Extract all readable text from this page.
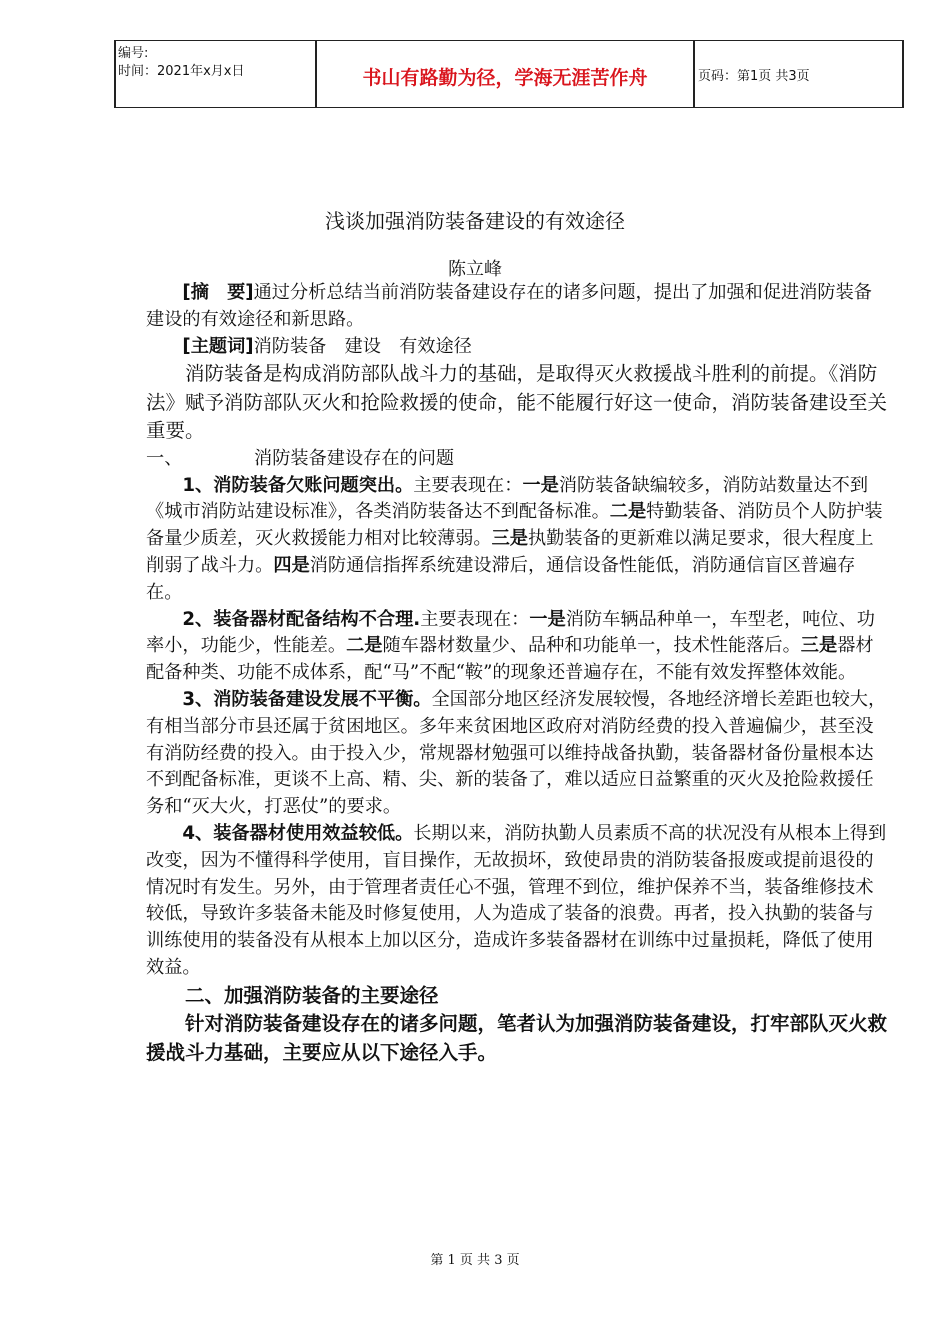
编号:
时间：2021年x月x日	书山有路勤为径，学海无涯苦作舟	页码：第1页 共3页
浅谈加强消防装备建设的有效途径
陈立峰

[摘　要]通过分析总结当前消防装备建设存在的诸多问题，提出了加强和促进消防装备建设的有效途径和新思路。

[主题词]消防装备　建设　有效途径

消防装备是构成消防部队战斗力的基础，是取得灭火救援战斗胜利的前提。《消防法》赋予消防部队灭火和抢险救援的使命，能不能履行好这一使命，消防装备建设至关重要。

一、	消防装备建设存在的问题

1、消防装备欠账问题突出。主要表现在：一是消防装备缺编较多，消防站数量达不到《城市消防站建设标准》，各类消防装备达不到配备标准。二是特勤装备、消防员个人防护装备量少质差，灭火救援能力相对比较薄弱。三是执勤装备的更新难以满足要求，很大程度上削弱了战斗力。四是消防通信指挥系统建设滞后，通信设备性能低，消防通信盲区普遍存在。

2、装备器材配备结构不合理.主要表现在：一是消防车辆品种单一，车型老，吨位、功率小，功能少，性能差。二是随车器材数量少、品种和功能单一，技术性能落后。三是器材配备种类、功能不成体系，配“马”不配“鞍”的现象还普遍存在，不能有效发挥整体效能。

3、消防装备建设发展不平衡。全国部分地区经济发展较慢，各地经济增长差距也较大，有相当部分市县还属于贫困地区。多年来贫困地区政府对消防经费的投入普遍偏少，甚至没有消防经费的投入。由于投入少，常规器材勉强可以维持战备执勤，装备器材备份量根本达不到配备标准，更谈不上高、精、尖、新的装备了，难以适应日益繁重的灭火及抢险救援任务和“灭大火，打恶仗”的要求。

4、装备器材使用效益较低。长期以来，消防执勤人员素质不高的状况没有从根本上得到改变，因为不懂得科学使用，盲目操作，无故损坏，致使昂贵的消防装备报废或提前退役的情况时有发生。另外，由于管理者责任心不强，管理不到位，维护保养不当，装备维修技术较低，导致许多装备未能及时修复使用，人为造成了装备的浪费。再者，投入执勤的装备与训练使用的装备没有从根本上加以区分，造成许多装备器材在训练中过量损耗，降低了使用效益。

二、加强消防装备的主要途径

针对消防装备建设存在的诸多问题，笔者认为加强消防装备建设，打牢部队灭火救援战斗力基础，主要应从以下途径入手。

第 1 页 共 3 页
